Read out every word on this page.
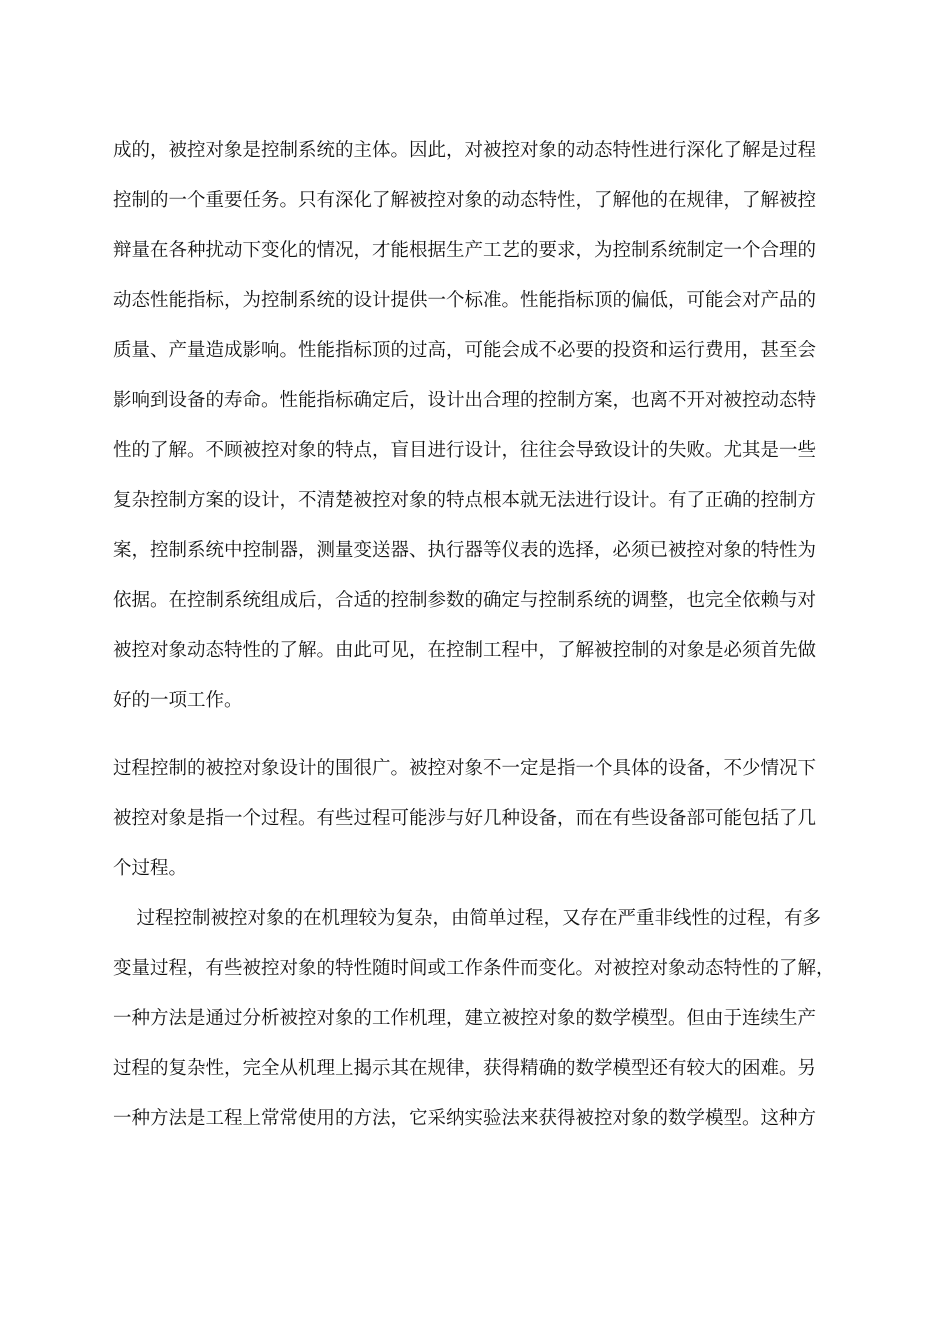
成的，被控对象是控制系统的主体。因此，对被控对象的动态特性进行深化了解是过程
控制的一个重要任务。只有深化了解被控对象的动态特性，了解他的在规律，了解被控
辩量在各种扰动下变化的情况，才能根据生产工艺的要求，为控制系统制定一个合理的
动态性能指标，为控制系统的设计提供一个标准。性能指标顶的偏低，可能会对产品的
质量、产量造成影响。性能指标顶的过高，可能会成不必要的投资和运行费用，甚至会
影响到设备的寿命。性能指标确定后，设计出合理的控制方案，也离不开对被控动态特
性的了解。不顾被控对象的特点，盲目进行设计，往往会导致设计的失败。尤其是一些
复杂控制方案的设计，不清楚被控对象的特点根本就无法进行设计。有了正确的控制方
案，控制系统中控制器，测量变送器、执行器等仪表的选择，必须已被控对象的特性为
依据。在控制系统组成后，合适的控制参数的确定与控制系统的调整，也完全依赖与对
被控对象动态特性的了解。由此可见，在控制工程中，了解被控制的对象是必须首先做
好的一项工作。
过程控制的被控对象设计的围很广。被控对象不一定是指一个具体的设备，不少情况下
被控对象是指一个过程。有些过程可能涉与好几种设备，而在有些设备部可能包括了几
个过程。
过程控制被控对象的在机理较为复杂，由简单过程，又存在严重非线性的过程，有多
变量过程，有些被控对象的特性随时间或工作条件而变化。对被控对象动态特性的了解，
一种方法是通过分析被控对象的工作机理，建立被控对象的数学模型。但由于连续生产
过程的复杂性，完全从机理上揭示其在规律，获得精确的数学模型还有较大的困难。另
一种方法是工程上常常使用的方法，它采纳实验法来获得被控对象的数学模型。这种方
